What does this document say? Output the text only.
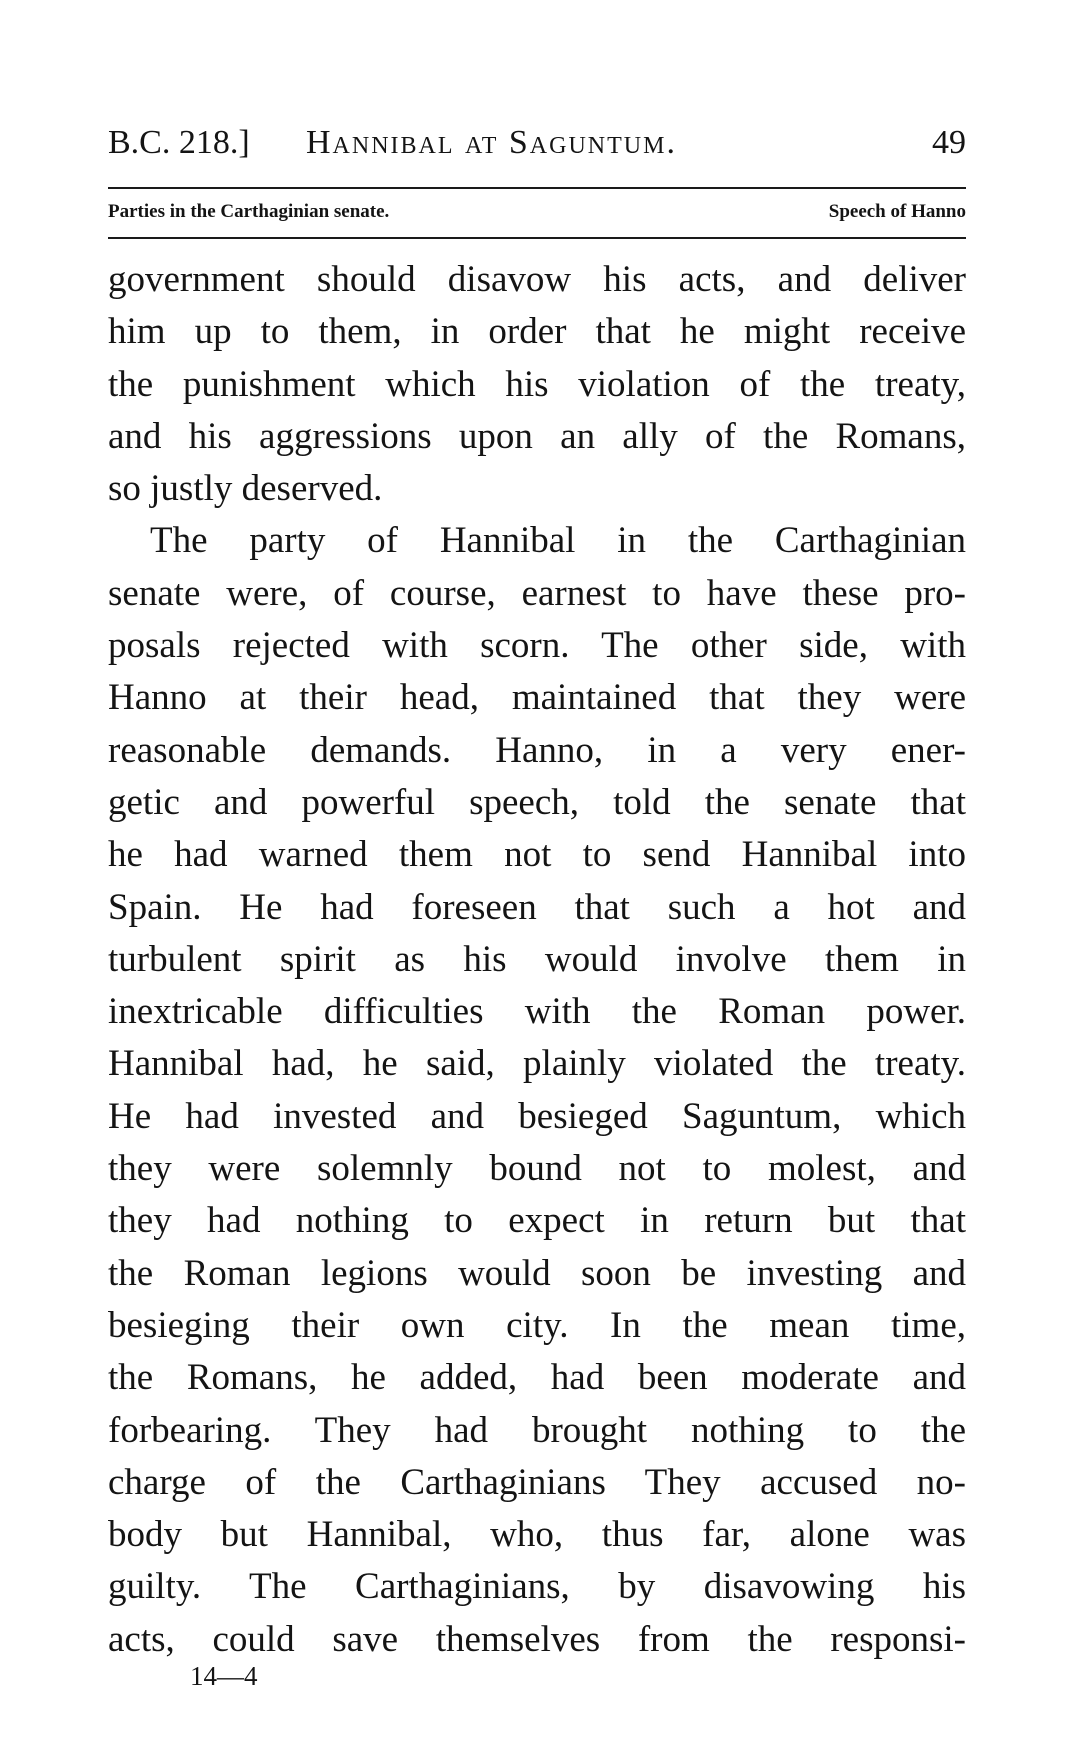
B.C. 218.] Hannibal at Saguntum.	49
Parties in the Carthaginian senate.	Speech of Hanno
government should disavow his acts, and deliver
him up to them, in order that he might receive
the punishment which his violation of the treaty,
and his aggressions upon an ally of the Romans,
so justly deserved.
The party of Hannibal in the Carthaginian
senate were, of course, earnest to have these pro-
posals rejected with scorn. The other side, with
Hanno at their head, maintained that they were
reasonable demands. Hanno, in a very ener-
getic and powerful speech, told the senate that
he had warned them not to send Hannibal into
Spain. He had foreseen that such a hot and
turbulent spirit as his would involve them in
inextricable difficulties with the Roman power.
Hannibal had, he said, plainly violated the treaty.
He had invested and besieged Saguntum, which
they were solemnly bound not to molest, and
they had nothing to expect in return but that
the Roman legions would soon be investing and
besieging their own city. In the mean time,
the Romans, he added, had been moderate and
forbearing. They had brought nothing to the
charge of the Carthaginians They accused no-
body but Hannibal, who, thus far, alone was
guilty. The Carthaginians, by disavowing his
acts, could save themselves from the responsi-
14—4
